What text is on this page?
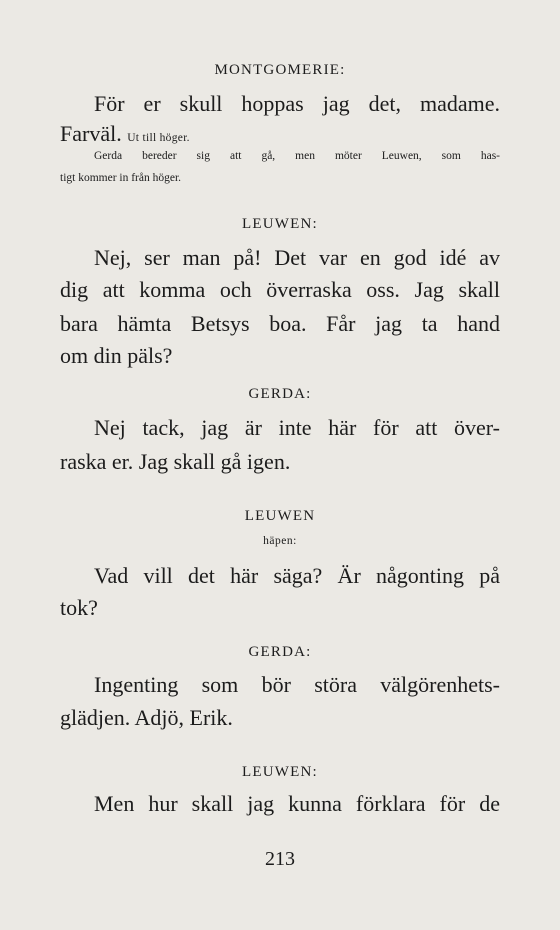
MONTGOMERIE:

För er skull hoppas jag det, madame.

Farväl. Ut till höger.

Gerda bereder sig att gå, men möter Leuwen, som has-

tigt kommer in från höger.

LEUWEN:

Nej, ser man på! Det var en god idé av

dig att komma och överraska oss. Jag skall

bara hämta Betsys boa. Får jag ta hand

om din päls?

GERDA:

Nej tack, jag är inte här för att över-

raska er. Jag skall gå igen.

LEUWEN

häpen:

Vad vill det här säga? Är någonting på

tok?

GERDA:

Ingenting som bör störa välgörenhets-

glädjen. Adjö, Erik.

LEUWEN:

Men hur skall jag kunna förklara för de

213
